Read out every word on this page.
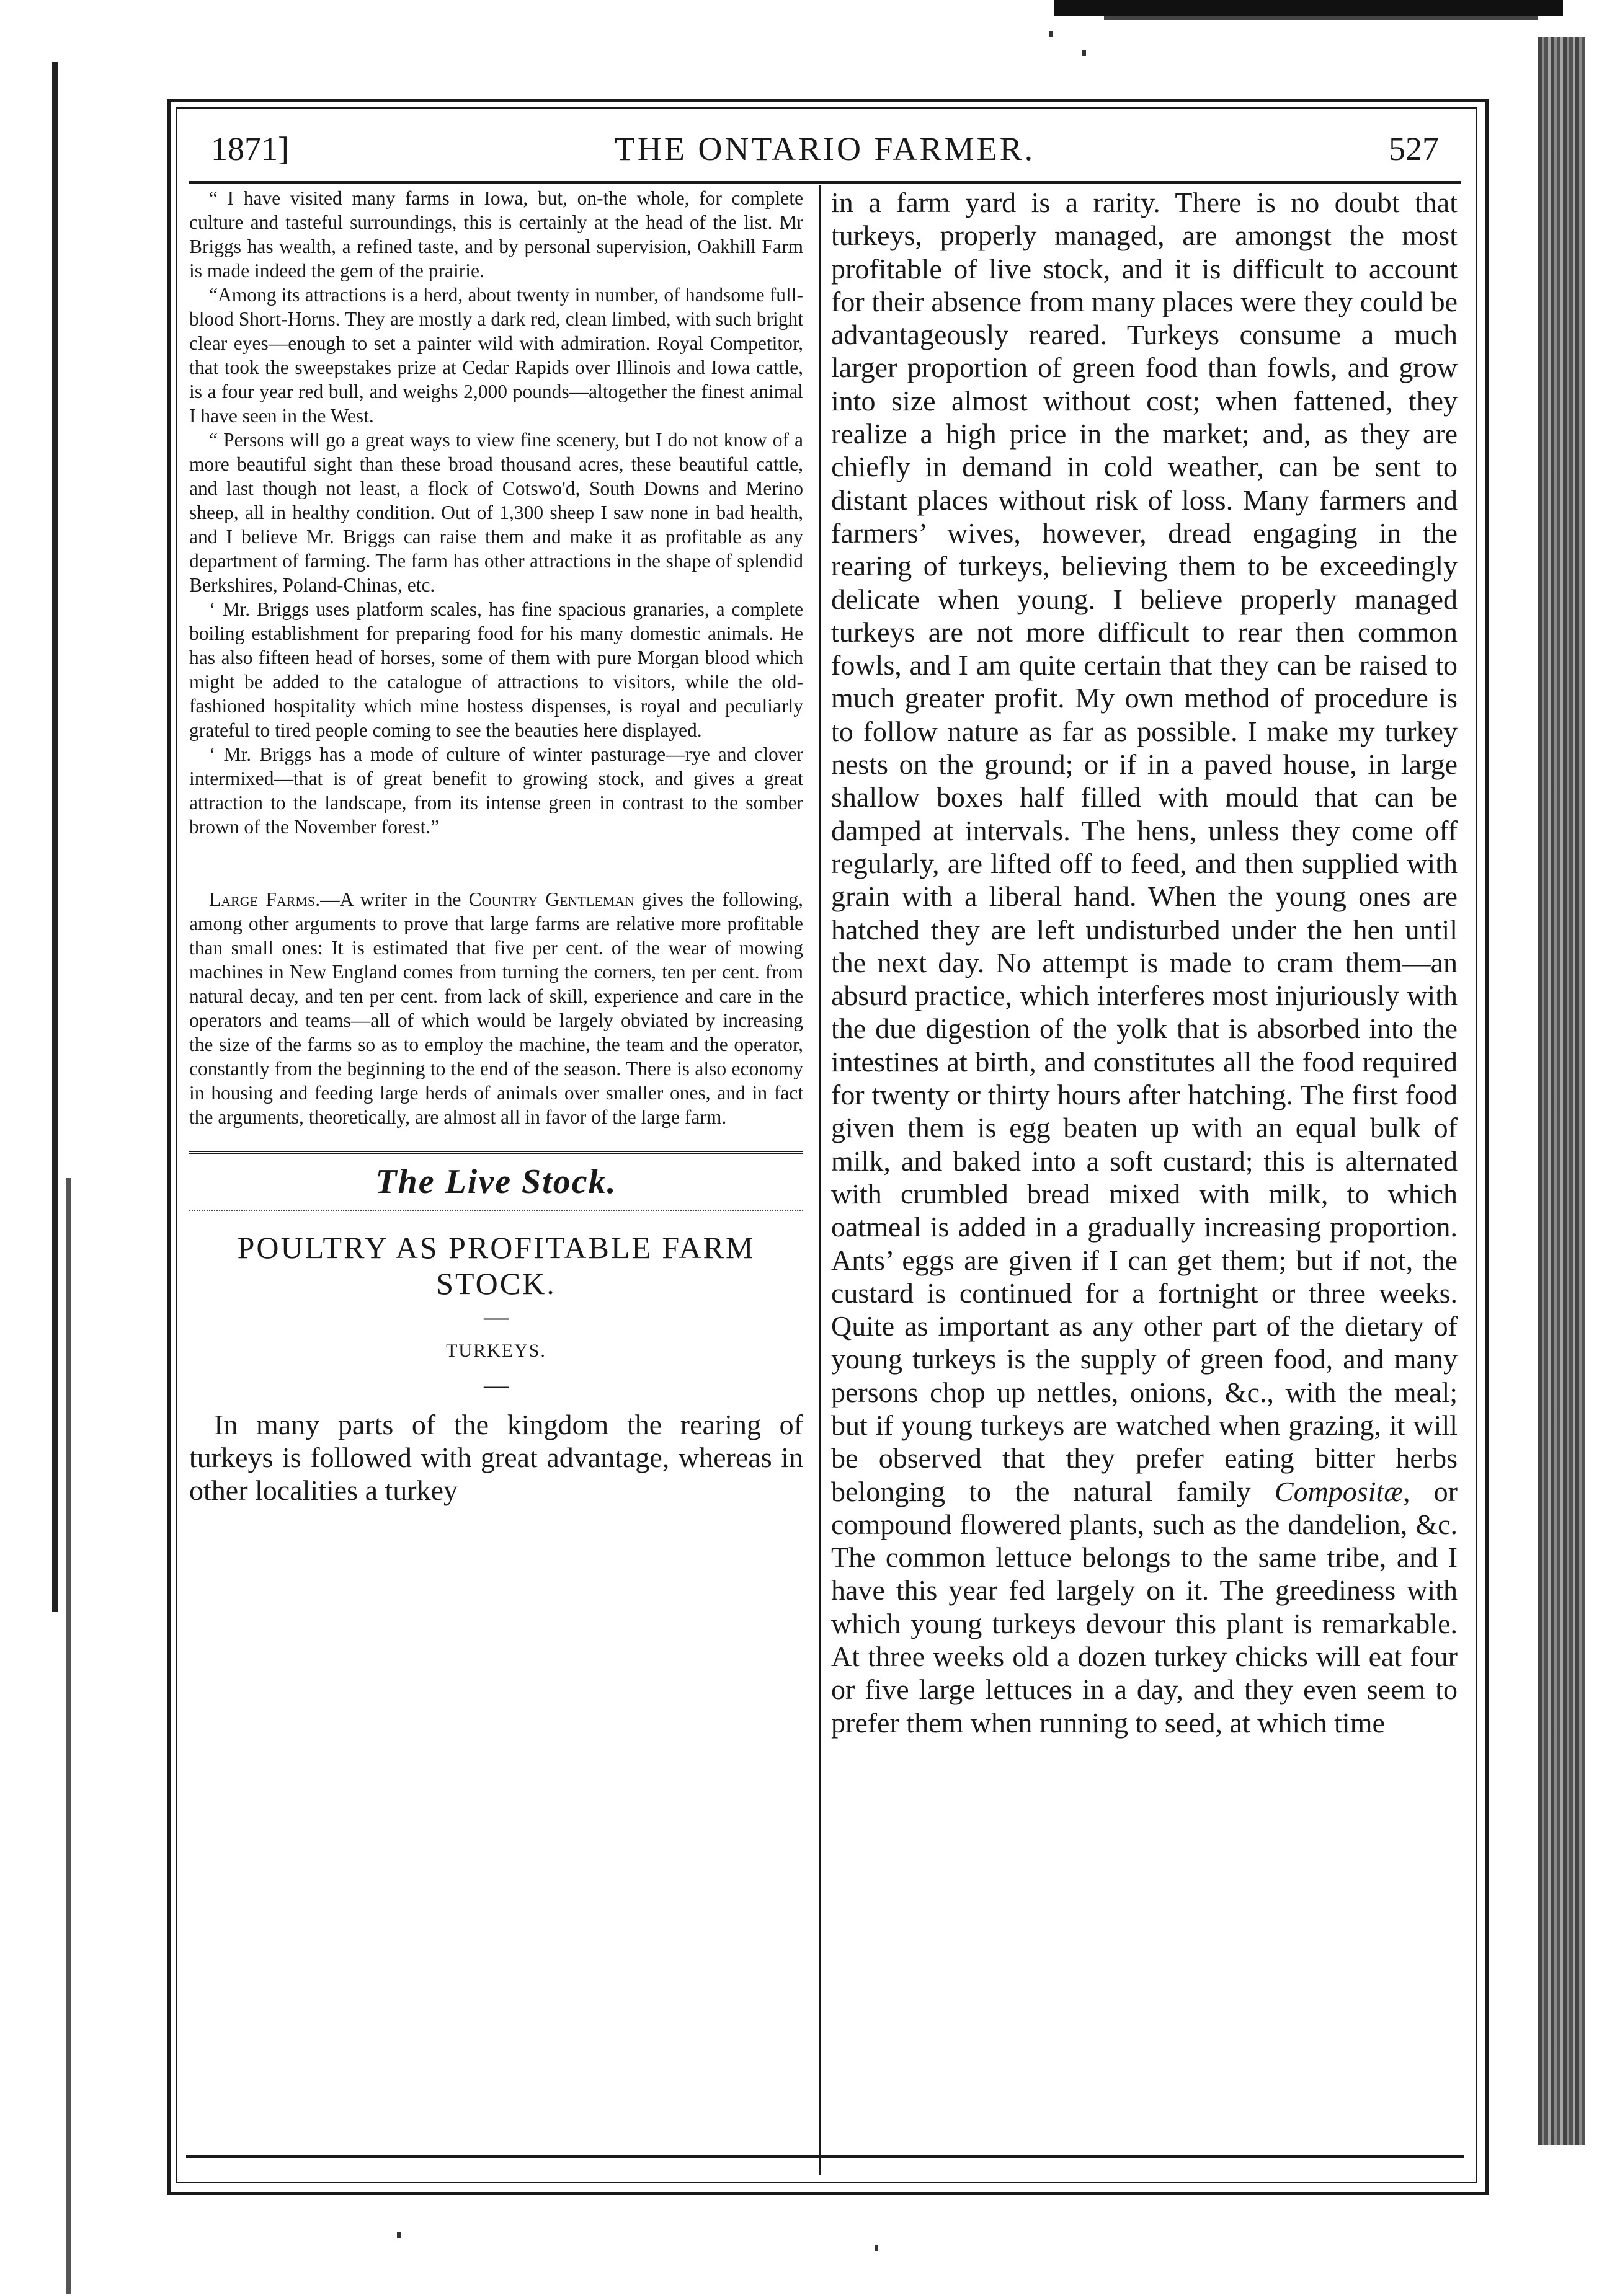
THE ONTARIO FARMER.
1871]	527

“ I have visited many farms in Iowa, but, on-the whole, for complete culture and tasteful surroundings, this is certainly at the head of the list. Mr Briggs has wealth, a refined taste, and by personal supervision, Oakhill Farm is made indeed the gem of the prairie.

“Among its attractions is a herd, about twenty in number, of handsome full-blood Short-Horns. They are mostly a dark red, clean limbed, with such bright clear eyes—enough to set a painter wild with admiration. Royal Competitor, that took the sweepstakes prize at Cedar Rapids over Illinois and Iowa cattle, is a four year red bull, and weighs 2,000 pounds—altogether the finest animal I have seen in the West.

“ Persons will go a great ways to view fine scenery, but I do not know of a more beautiful sight than these broad thousand acres, these beautiful cattle, and last though not least, a flock of Cotswo'd, South Downs and Merino sheep, all in healthy condition. Out of 1,300 sheep I saw none in bad health, and I believe Mr. Briggs can raise them and make it as profitable as any department of farming. The farm has other attractions in the shape of splendid Berkshires, Poland-Chinas, etc.

‘ Mr. Briggs uses platform scales, has fine spacious granaries, a complete boiling establishment for preparing food for his many domestic animals. He has also fifteen head of horses, some of them with pure Morgan blood which might be added to the catalogue of attractions to visitors, while the old-fashioned hospitality which mine hostess dispenses, is royal and peculiarly grateful to tired people coming to see the beauties here displayed.

‘ Mr. Briggs has a mode of culture of winter pasturage—rye and clover intermixed—that is of great benefit to growing stock, and gives a great attraction to the landscape, from its intense green in contrast to the somber brown of the November forest.”

Large Farms.—A writer in the Country Gentleman gives the following, among other arguments to prove that large farms are relative more profitable than small ones: It is estimated that five per cent. of the wear of mowing machines in New England comes from turning the corners, ten per cent. from natural decay, and ten per cent. from lack of skill, experience and care in the operators and teams—all of which would be largely obviated by increasing the size of the farms so as to employ the machine, the team and the operator, constantly from the beginning to the end of the season. There is also economy in housing and feeding large herds of animals over smaller ones, and in fact the arguments, theoretically, are almost all in favor of the large farm.

The Live Stock.

POULTRY AS PROFITABLE FARM STOCK.

—

TURKEYS.

—

In many parts of the kingdom the rearing of turkeys is followed with great advantage, whereas in other localities a turkey

in a farm yard is a rarity. There is no doubt that turkeys, properly managed, are amongst the most profitable of live stock, and it is difficult to account for their absence from many places were they could be advantageously reared. Turkeys consume a much larger proportion of green food than fowls, and grow into size almost without cost; when fattened, they realize a high price in the market; and, as they are chiefly in demand in cold weather, can be sent to distant places without risk of loss. Many farmers and farmers’ wives, however, dread engaging in the rearing of turkeys, believing them to be exceedingly delicate when young. I believe properly managed turkeys are not more difficult to rear then common fowls, and I am quite certain that they can be raised to much greater profit. My own method of procedure is to follow nature as far as possible. I make my turkey nests on the ground; or if in a paved house, in large shallow boxes half filled with mould that can be damped at intervals. The hens, unless they come off regularly, are lifted off to feed, and then supplied with grain with a liberal hand. When the young ones are hatched they are left undisturbed under the hen until the next day. No attempt is made to cram them—an absurd practice, which interferes most injuriously with the due digestion of the yolk that is absorbed into the intestines at birth, and constitutes all the food required for twenty or thirty hours after hatching. The first food given them is egg beaten up with an equal bulk of milk, and baked into a soft custard; this is alternated with crumbled bread mixed with milk, to which oatmeal is added in a gradually increasing proportion. Ants’ eggs are given if I can get them; but if not, the custard is continued for a fortnight or three weeks. Quite as important as any other part of the dietary of young turkeys is the supply of green food, and many persons chop up nettles, onions, &c., with the meal; but if young turkeys are watched when grazing, it will be observed that they prefer eating bitter herbs belonging to the natural family Compositæ, or compound flowered plants, such as the dandelion, &c. The common lettuce belongs to the same tribe, and I have this year fed largely on it. The greediness with which young turkeys devour this plant is remarkable. At three weeks old a dozen turkey chicks will eat four or five large lettuces in a day, and they even seem to prefer them when running to seed, at which time
